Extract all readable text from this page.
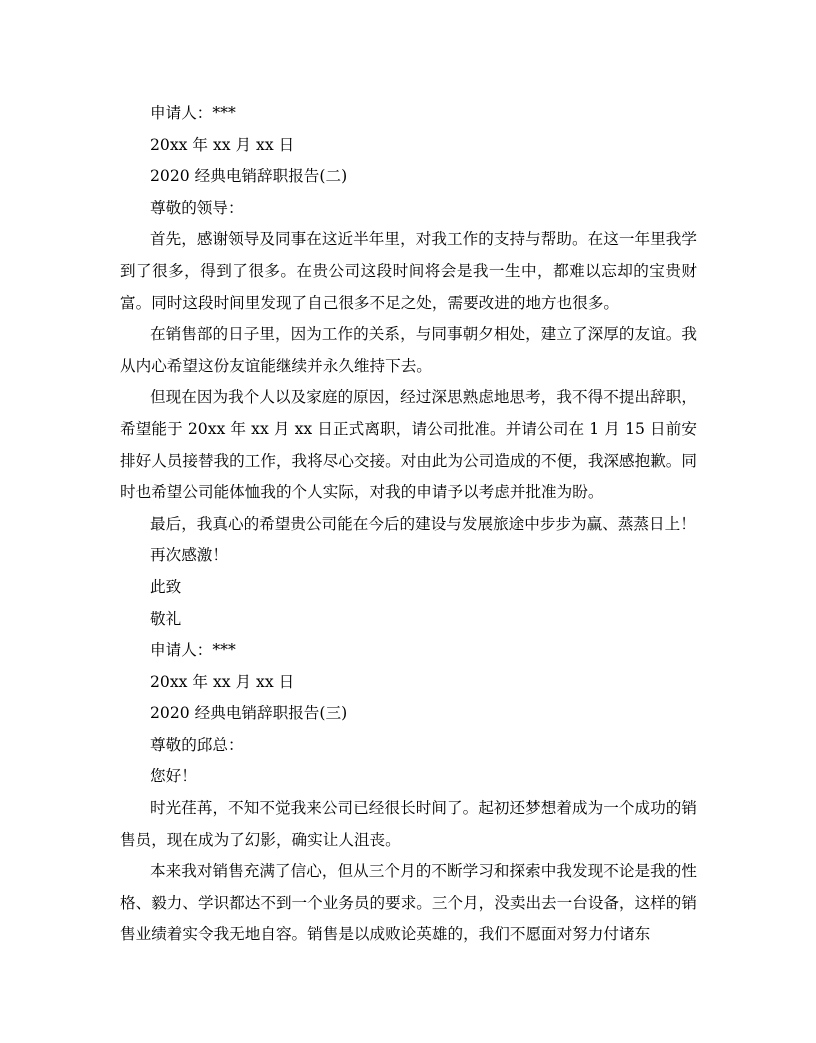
申请人：***

20xx 年 xx 月 xx 日

2020 经典电销辞职报告(二)

尊敬的领导：

首先，感谢领导及同事在这近半年里，对我工作的支持与帮助。在这一年里我学到了很多，得到了很多。在贵公司这段时间将会是我一生中，都难以忘却的宝贵财富。同时这段时间里发现了自己很多不足之处，需要改进的地方也很多。

在销售部的日子里，因为工作的关系，与同事朝夕相处，建立了深厚的友谊。我从内心希望这份友谊能继续并永久维持下去。

但现在因为我个人以及家庭的原因，经过深思熟虑地思考，我不得不提出辞职，希望能于 20xx 年 xx 月 xx 日正式离职，请公司批准。并请公司在 1 月 15 日前安排好人员接替我的工作，我将尽心交接。对由此为公司造成的不便，我深感抱歉。同时也希望公司能体恤我的个人实际，对我的申请予以考虑并批准为盼。

最后，我真心的希望贵公司能在今后的建设与发展旅途中步步为赢、蒸蒸日上！

再次感激！

此致

敬礼

申请人：***

20xx 年 xx 月 xx 日

2020 经典电销辞职报告(三)

尊敬的邱总：

您好！

时光荏苒，不知不觉我来公司已经很长时间了。起初还梦想着成为一个成功的销售员，现在成为了幻影，确实让人沮丧。

本来我对销售充满了信心，但从三个月的不断学习和探索中我发现不论是我的性格、毅力、学识都达不到一个业务员的要求。三个月，没卖出去一台设备，这样的销售业绩着实令我无地自容。销售是以成败论英雄的，我们不愿面对努力付诸东
